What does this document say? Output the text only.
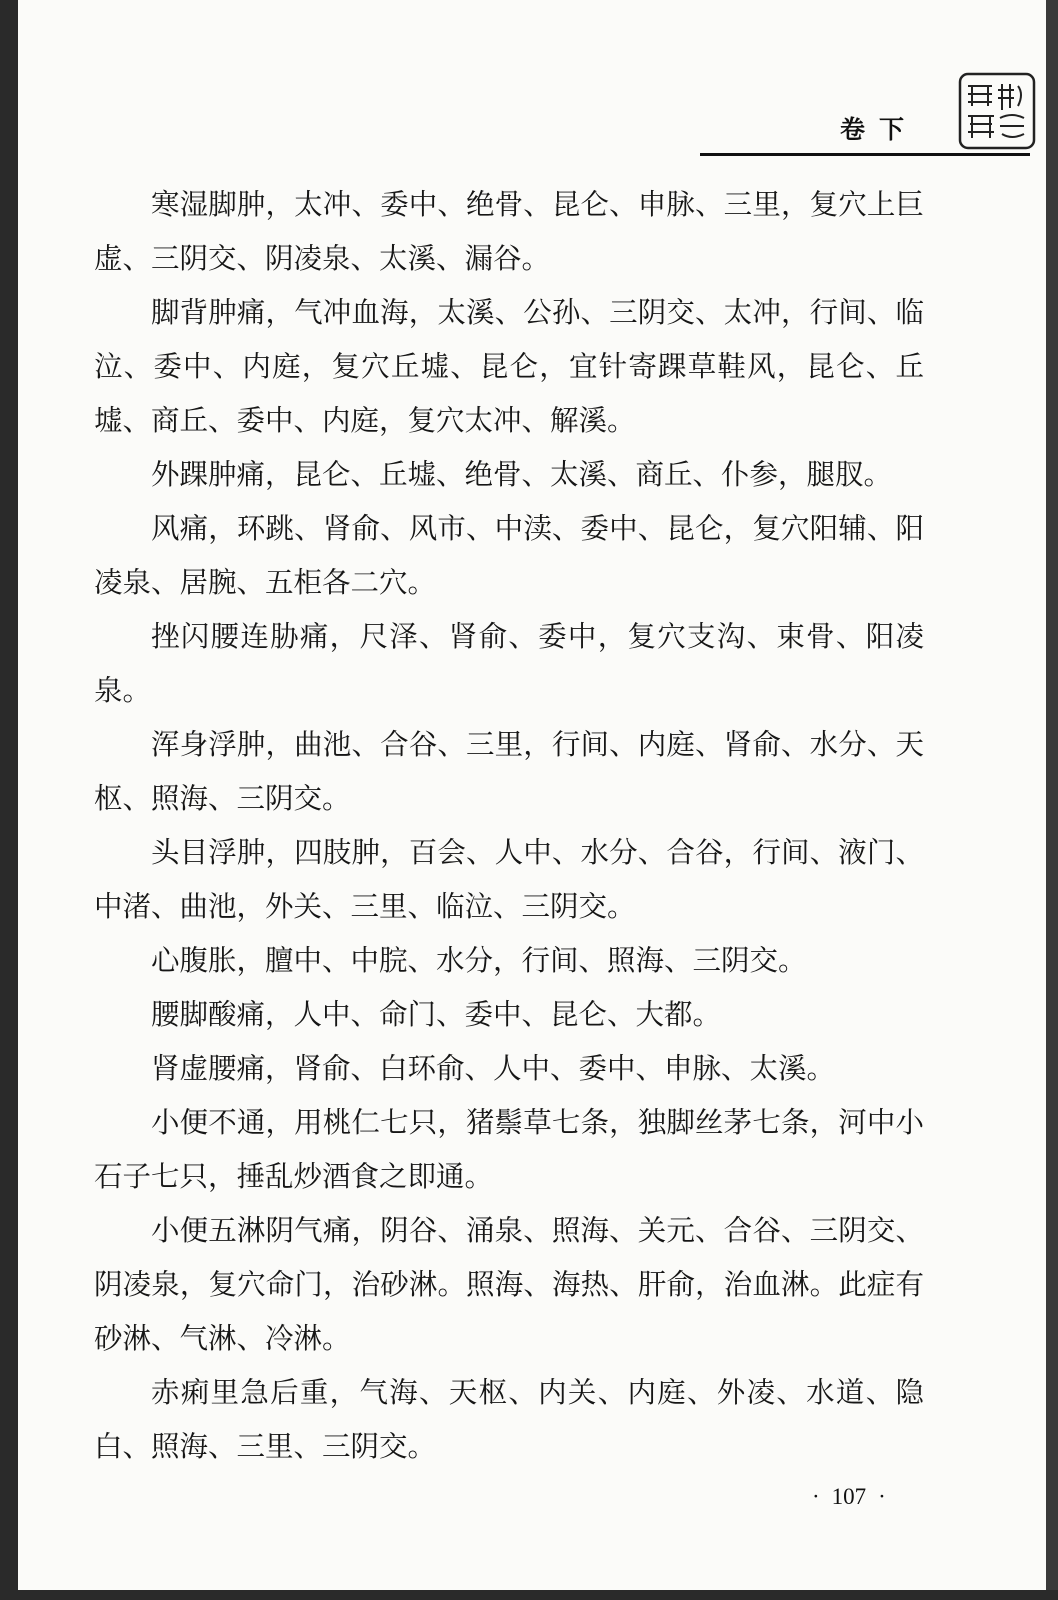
卷下

寒湿脚肿，太冲、委中、绝骨、昆仑、申脉、三里，复穴上巨虚、三阴交、阴凌泉、太溪、漏谷。

脚背肿痛，气冲血海，太溪、公孙、三阴交、太冲，行间、临泣、委中、内庭，复穴丘墟、昆仑，宜针寄踝草鞋风，昆仑、丘墟、商丘、委中、内庭，复穴太冲、解溪。

外踝肿痛，昆仑、丘墟、绝骨、太溪、商丘、仆参，腿肞。

风痛，环跳、肾俞、风市、中渎、委中、昆仑，复穴阳辅、阳凌泉、居腕、五柜各二穴。

挫闪腰连胁痛，尺泽、肾俞、委中，复穴支沟、束骨、阳凌泉。

浑身浮肿，曲池、合谷、三里，行间、内庭、肾俞、水分、天枢、照海、三阴交。

头目浮肿，四肢肿，百会、人中、水分、合谷，行间、液门、中渚、曲池，外关、三里、临泣、三阴交。

心腹胀，膻中、中脘、水分，行间、照海、三阴交。

腰脚酸痛，人中、命门、委中、昆仑、大都。

肾虚腰痛，肾俞、白环俞、人中、委中、申脉、太溪。

小便不通，用桃仁七只，猪鬃草七条，独脚丝茅七条，河中小石子七只，捶乱炒酒食之即通。

小便五淋阴气痛，阴谷、涌泉、照海、关元、合谷、三阴交、阴凌泉，复穴命门，治砂淋。照海、海热、肝俞，治血淋。此症有砂淋、气淋、冷淋。

赤痢里急后重，气海、天枢、内关、内庭、外凌、水道、隐白、照海、三里、三阴交。

· 107 ·
